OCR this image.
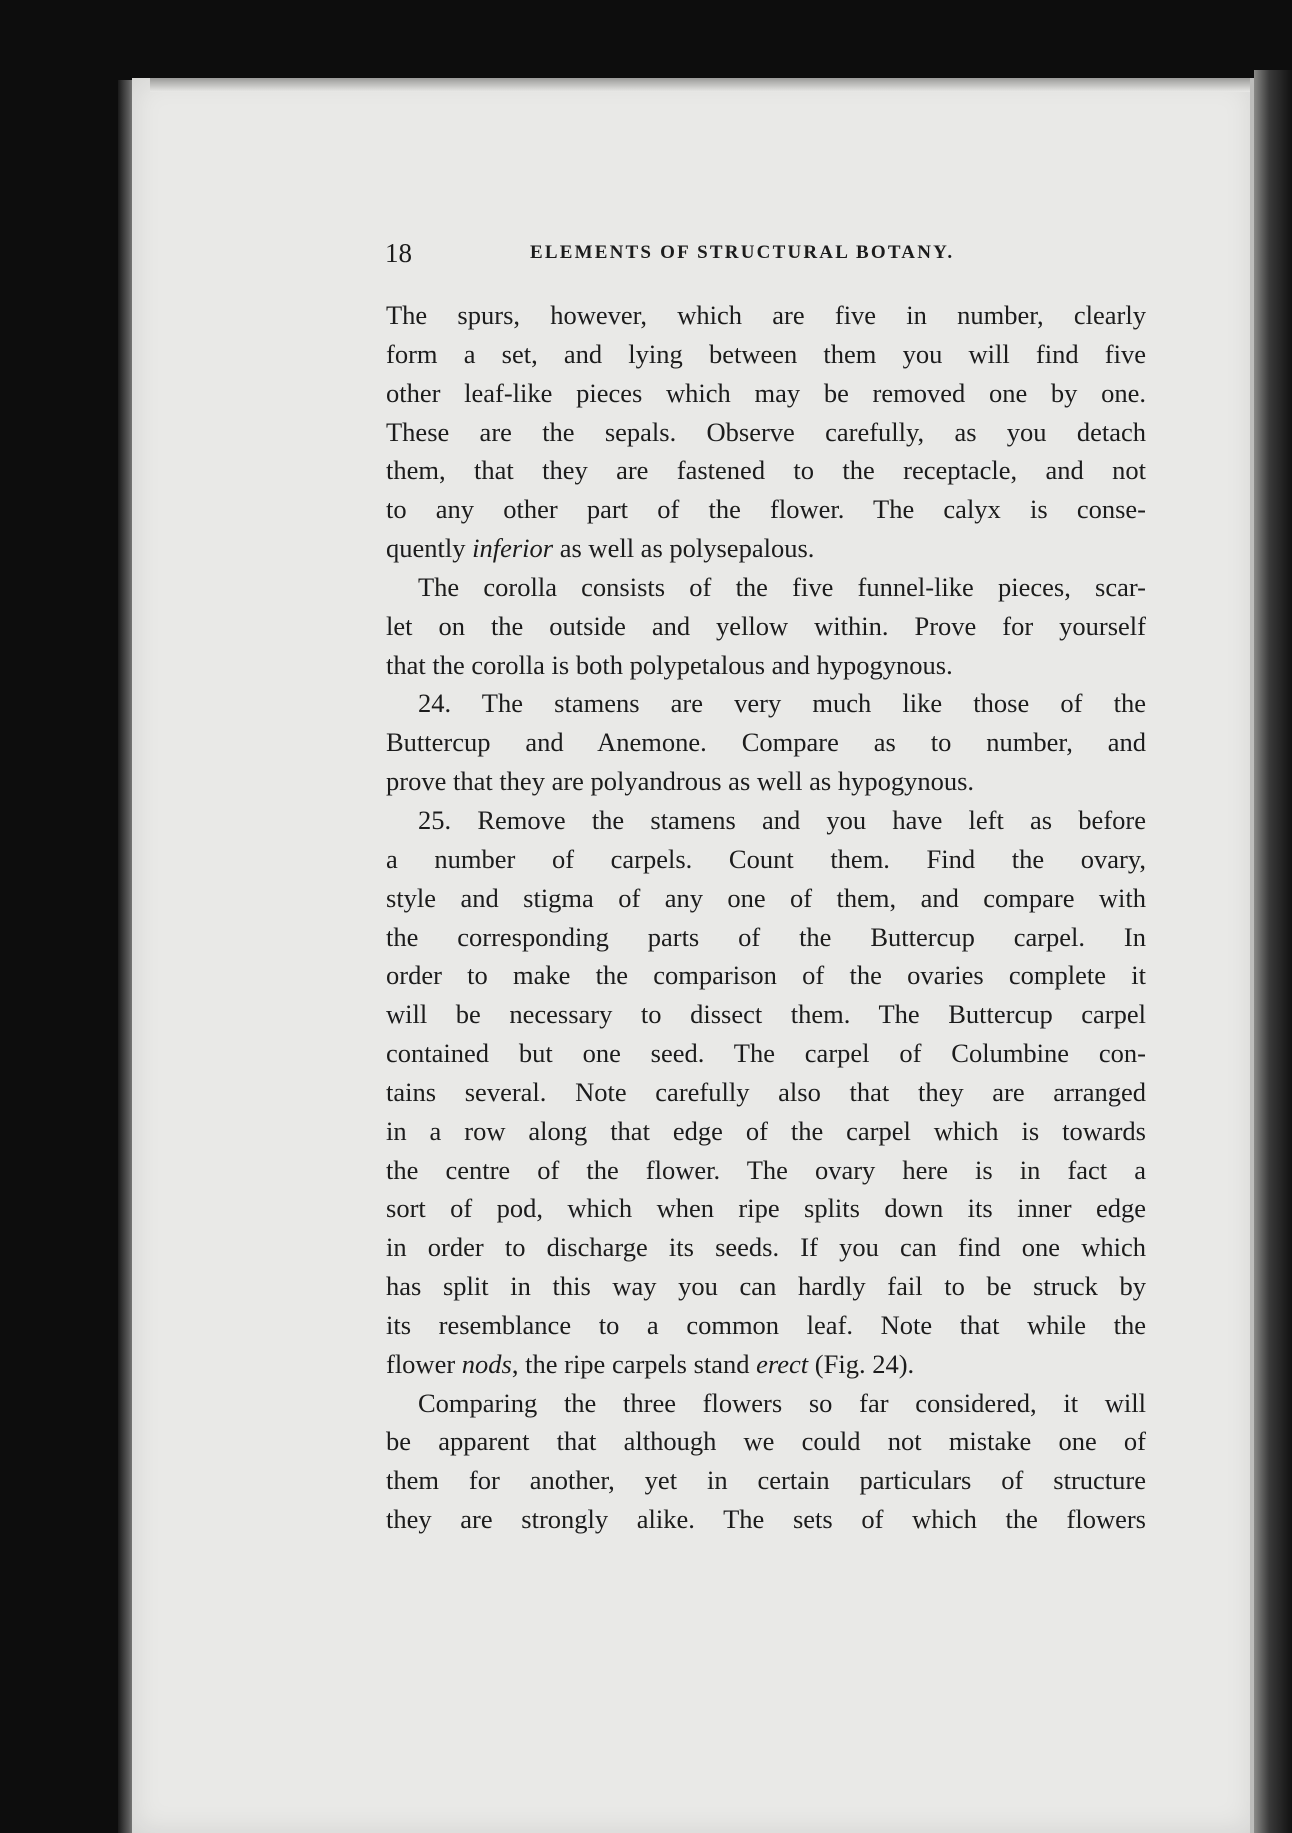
18	ELEMENTS OF STRUCTURAL BOTANY.
The spurs, however, which are five in number, clearly
form a set, and lying between them you will find five
other leaf-like pieces which may be removed one by one.
These are the sepals. Observe carefully, as you detach
them, that they are fastened to the receptacle, and not
to any other part of the flower. The calyx is conse-
quently inferior as well as polysepalous.
The corolla consists of the five funnel-like pieces, scar-
let on the outside and yellow within. Prove for yourself
that the corolla is both polypetalous and hypogynous.
24. The stamens are very much like those of the
Buttercup and Anemone. Compare as to number, and
prove that they are polyandrous as well as hypogynous.
25. Remove the stamens and you have left as before
a number of carpels. Count them. Find the ovary,
style and stigma of any one of them, and compare with
the corresponding parts of the Buttercup carpel. In
order to make the comparison of the ovaries complete it
will be necessary to dissect them. The Buttercup carpel
contained but one seed. The carpel of Columbine con-
tains several. Note carefully also that they are arranged
in a row along that edge of the carpel which is towards
the centre of the flower. The ovary here is in fact a
sort of pod, which when ripe splits down its inner edge
in order to discharge its seeds. If you can find one which
has split in this way you can hardly fail to be struck by
its resemblance to a common leaf. Note that while the
flower nods, the ripe carpels stand erect (Fig. 24).
Comparing the three flowers so far considered, it will
be apparent that although we could not mistake one of
them for another, yet in certain particulars of structure
they are strongly alike. The sets of which the flowers
